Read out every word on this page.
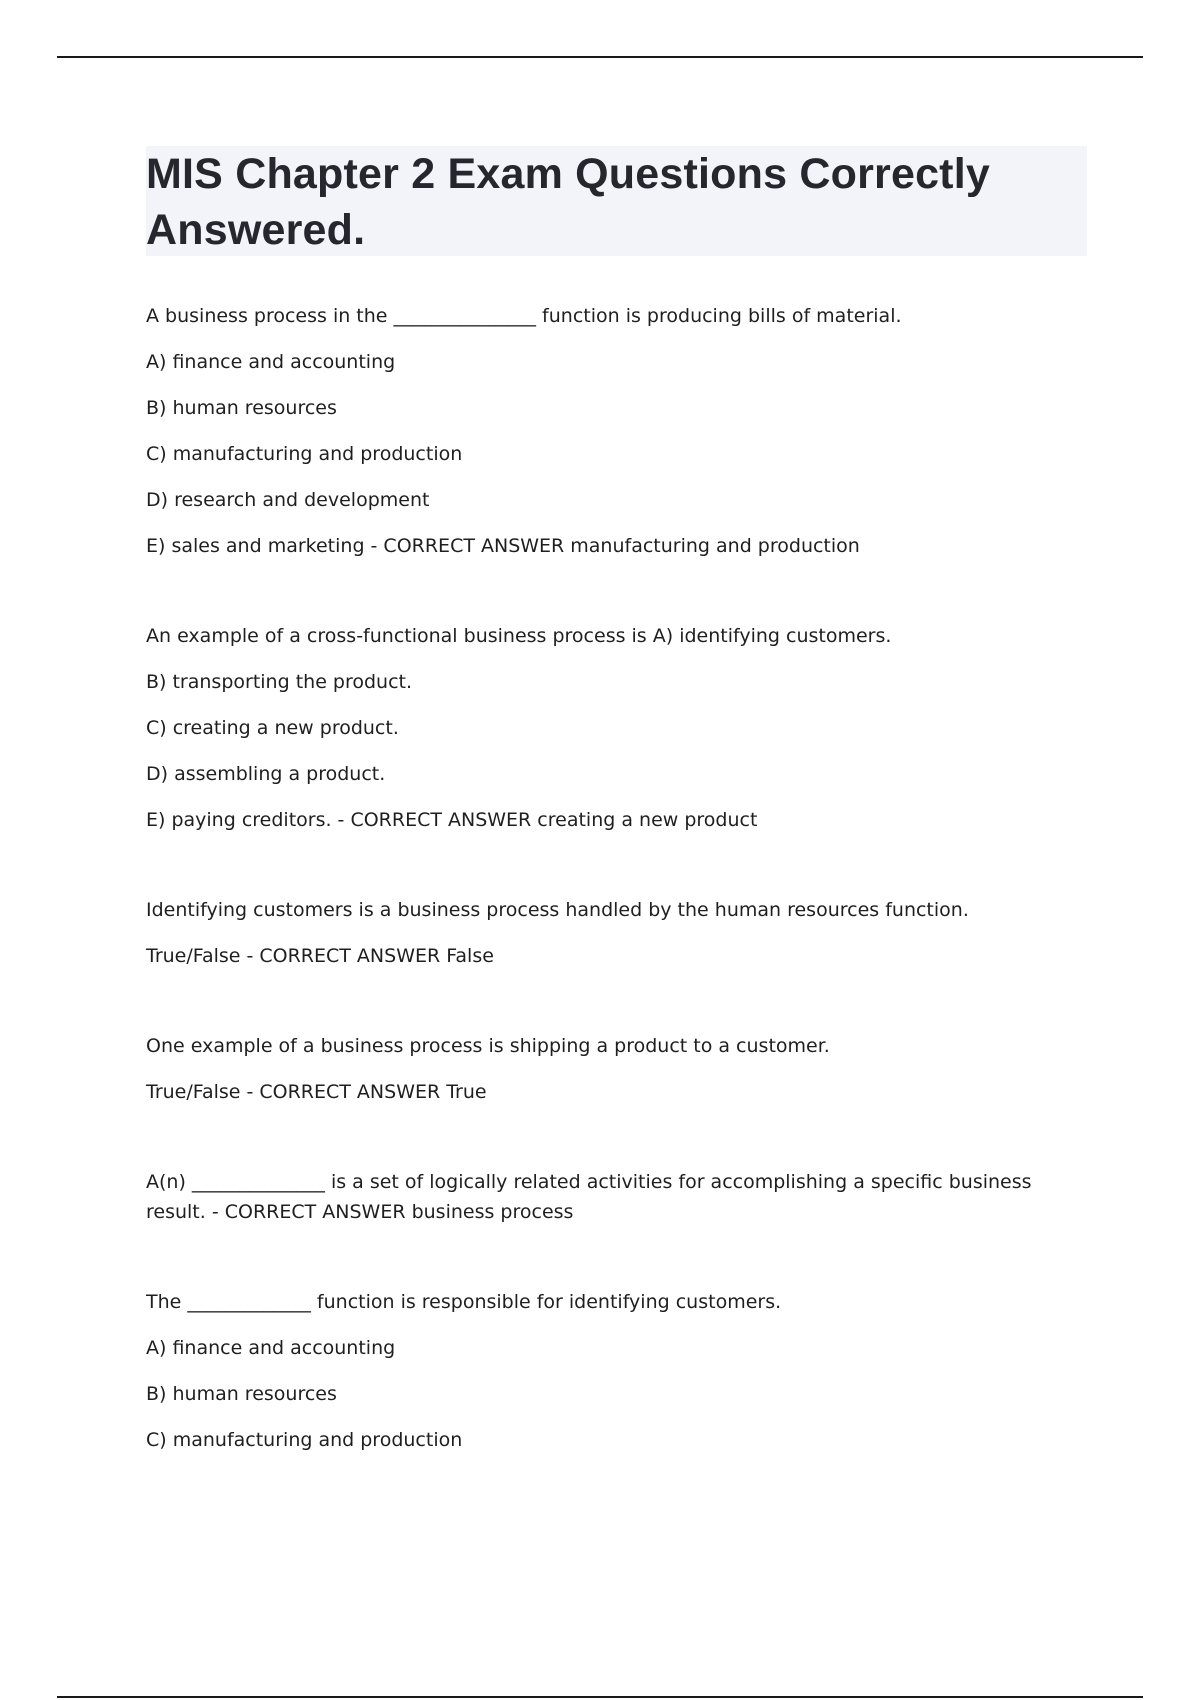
MIS Chapter 2 Exam Questions Correctly
Answered.
A business process in the _______________ function is producing bills of material.
A) finance and accounting
B) human resources
C) manufacturing and production
D) research and development
E) sales and marketing - CORRECT ANSWER manufacturing and production
An example of a cross-functional business process is A) identifying customers.
B) transporting the product.
C) creating a new product.
D) assembling a product.
E) paying creditors. - CORRECT ANSWER creating a new product
Identifying customers is a business process handled by the human resources function.
True/False - CORRECT ANSWER False
One example of a business process is shipping a product to a customer.
True/False - CORRECT ANSWER True
A(n) ______________ is a set of logically related activities for accomplishing a specific business result. - CORRECT ANSWER business process
The _____________ function is responsible for identifying customers.
A) finance and accounting
B) human resources
C) manufacturing and production
